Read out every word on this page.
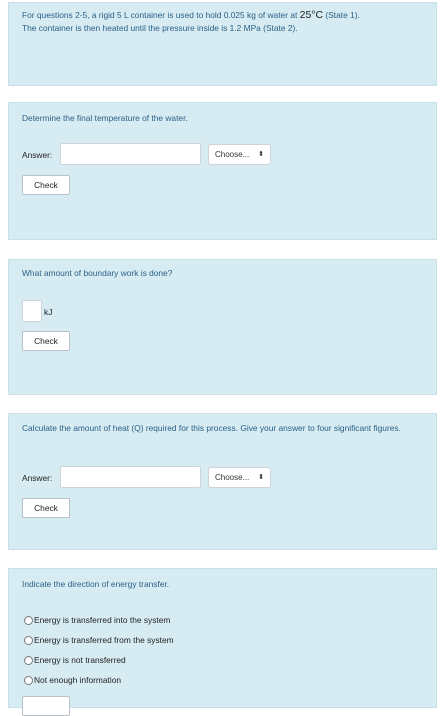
For questions 2-5, a rigid 5 L container is used to hold 0.025 kg of water at 25°C (State 1).
The container is then heated until the pressure inside is 1.2 MPa (State 2).
Determine the final temperature of the water.
Answer:	Choose... ⬍
Check
What amount of boundary work is done?
kJ
Check
Calculate the amount of heat (Q) required for this process. Give your answer to four significant figures.
Answer:	Choose... ⬍
Check
Indicate the direction of energy transfer.
Energy is transferred into the system
Energy is transferred from the system
Energy is not transferred
Not enough information
